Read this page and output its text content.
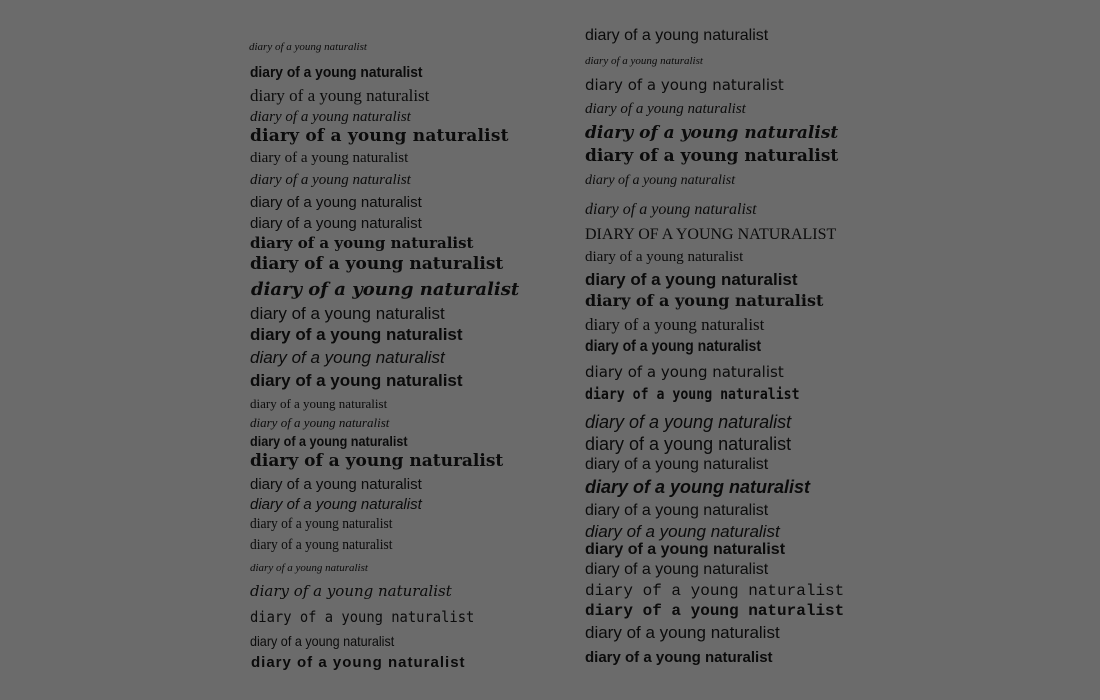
diary of a young naturalist
diary of a young naturalist
diary of a young naturalist
diary of a young naturalist
diary of a young naturalist
diary of a young naturalist
diary of a young naturalist
diary of a young naturalist
diary of a young naturalist
diary of a young naturalist
diary of a young naturalist
diary of a young naturalist
diary of a young naturalist
diary of a young naturalist
diary of a young naturalist
diary of a young naturalist
diary of a young naturalist
diary of a young naturalist
diary of a young naturalist
diary of a young naturalist
diary of a young naturalist
diary of a young naturalist
diary of a young naturalist
diary of a young naturalist
diary of a young naturalist
diary of a young naturalist
diary of a young naturalist
diary of a young naturalist
diary of a young naturalist
diary of a young naturalist
diary of a young naturalist
diary of a young naturalist
diary of a young naturalist
diary of a young naturalist
diary of a young naturalist
diary of a young naturalist
diary of a young naturalist
DIARY OF A YOUNG NATURALIST
diary of a young naturalist
diary of a young naturalist
diary of a young naturalist
diary of a young naturalist
diary of a young naturalist
diary of a young naturalist
diary of a young naturalist
diary of a young naturalist
diary of a young naturalist
diary of a young naturalist
diary of a young naturalist
diary of a young naturalist
diary of a young naturalist
diary of a young naturalist
diary of a young naturalist
diary of a young naturalist
diary of a young naturalist
diary of a young naturalist
diary of a young naturalist
